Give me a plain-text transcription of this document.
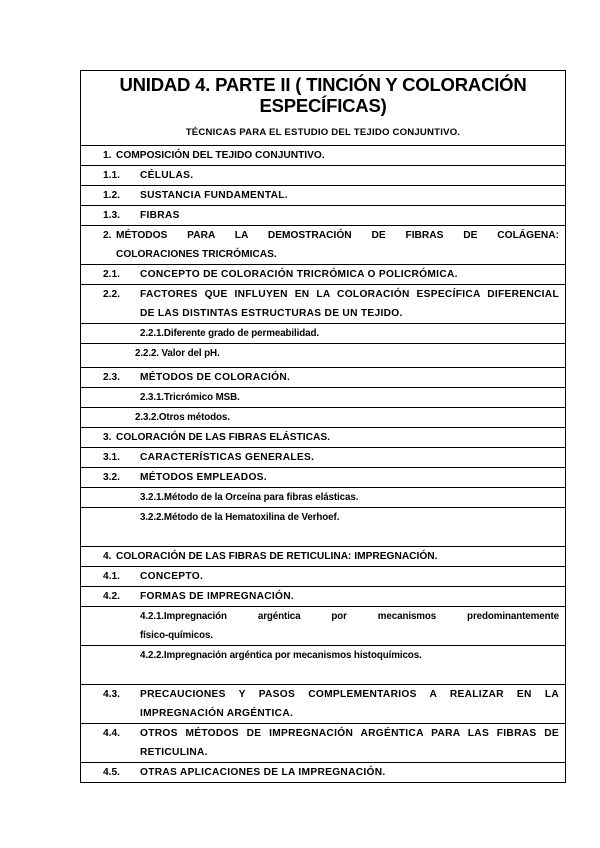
UNIDAD 4. PARTE II ( TINCIÓN Y COLORACIÓN
ESPECÍFICAS)
TÉCNICAS PARA EL ESTUDIO DEL TEJIDO CONJUNTIVO.

1. COMPOSICIÓN DEL TEJIDO CONJUNTIVO.

1.1.	CÉLULAS.

1.2.	SUSTANCIA FUNDAMENTAL.

1.3.	FIBRAS

2. MÉTODOS PARA LA DEMOSTRACIÓN DE FIBRAS DE COLÁGENA:
COLORACIONES TRICRÓMICAS.

2.1.	CONCEPTO DE COLORACIÓN TRICRÓMICA O POLICRÓMICA.

2.2.	FACTORES QUE INFLUYEN EN LA COLORACIÓN ESPECÍFICA DIFERENCIAL
DE LAS DISTINTAS ESTRUCTURAS DE UN TEJIDO.

2.2.1.Diferente grado de permeabilidad.

2.2.2. Valor del pH.

2.3.	MÉTODOS DE COLORACIÓN.

2.3.1.Tricrómico MSB.

2.3.2.Otros métodos.

3. COLORACIÓN DE LAS FIBRAS ELÁSTICAS.

3.1.	CARACTERÍSTICAS GENERALES.

3.2.	MÉTODOS EMPLEADOS.

3.2.1.Método de la Orceína para fibras elásticas.

3.2.2.Método de la Hematoxilina de Verhoef.

4. COLORACIÓN DE LAS FIBRAS DE RETICULINA: IMPREGNACIÓN.

4.1.	CONCEPTO.

4.2.	FORMAS DE IMPREGNACIÓN.

4.2.1.Impregnación argéntica por mecanismos predominantemente
físico-químicos.

4.2.2.Impregnación argéntica por mecanismos histoquímicos.

4.3.	PRECAUCIONES Y PASOS COMPLEMENTARIOS A REALIZAR EN LA
IMPREGNACIÓN ARGÉNTICA.

4.4.	OTROS MÉTODOS DE IMPREGNACIÓN ARGÉNTICA PARA LAS FIBRAS DE
RETICULINA.

4.5.	OTRAS APLICACIONES DE LA IMPREGNACIÓN.
